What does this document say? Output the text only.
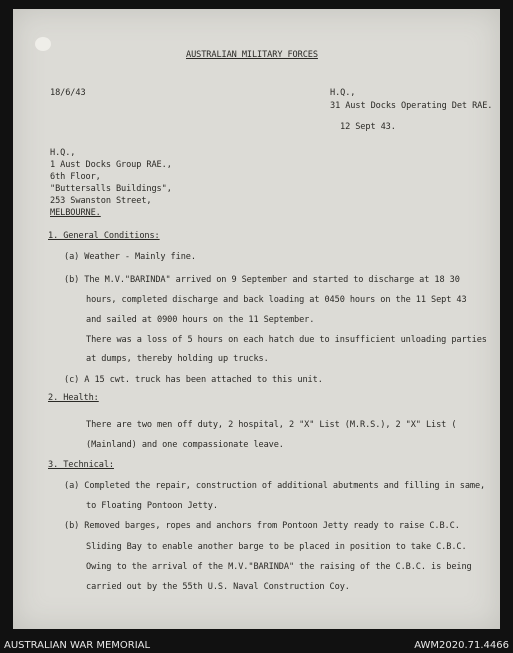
AUSTRALIAN MILITARY FORCES
18/6/43	H.Q.,
31 Aust Docks Operating Det RAE.
12 Sept 43.
H.Q.,
1 Aust Docks Group RAE.,
6th Floor,
"Buttersalls Buildings",
253 Swanston Street,
MELBOURNE.
1. General Conditions:
(a) Weather - Mainly fine.
(b) The M.V."BARINDA" arrived on 9 September and started to discharge at 18 30
hours, completed discharge and back loading at 0450 hours on the 11 Sept 43
and sailed at 0900 hours on the 11 September.
There was a loss of 5 hours on each hatch due to insufficient unloading parties
at dumps, thereby holding up trucks.
(c) A 15 cwt. truck has been attached to this unit.
2. Health:
There are two men off duty, 2 hospital, 2 "X" List (M.R.S.), 2 "X" List (
(Mainland) and one compassionate leave.
3. Technical:
(a) Completed the repair, construction of additional abutments and filling in same,
to Floating Pontoon Jetty.
(b) Removed barges, ropes and anchors from Pontoon Jetty ready to raise C.B.C.
Sliding Bay to enable another barge to be placed in position to take C.B.C.
Owing to the arrival of the M.V."BARINDA" the raising of the C.B.C. is being
carried out by the 55th U.S. Naval Construction Coy.
AUSTRALIAN WAR MEMORIAL	AWM2020.71.4466
